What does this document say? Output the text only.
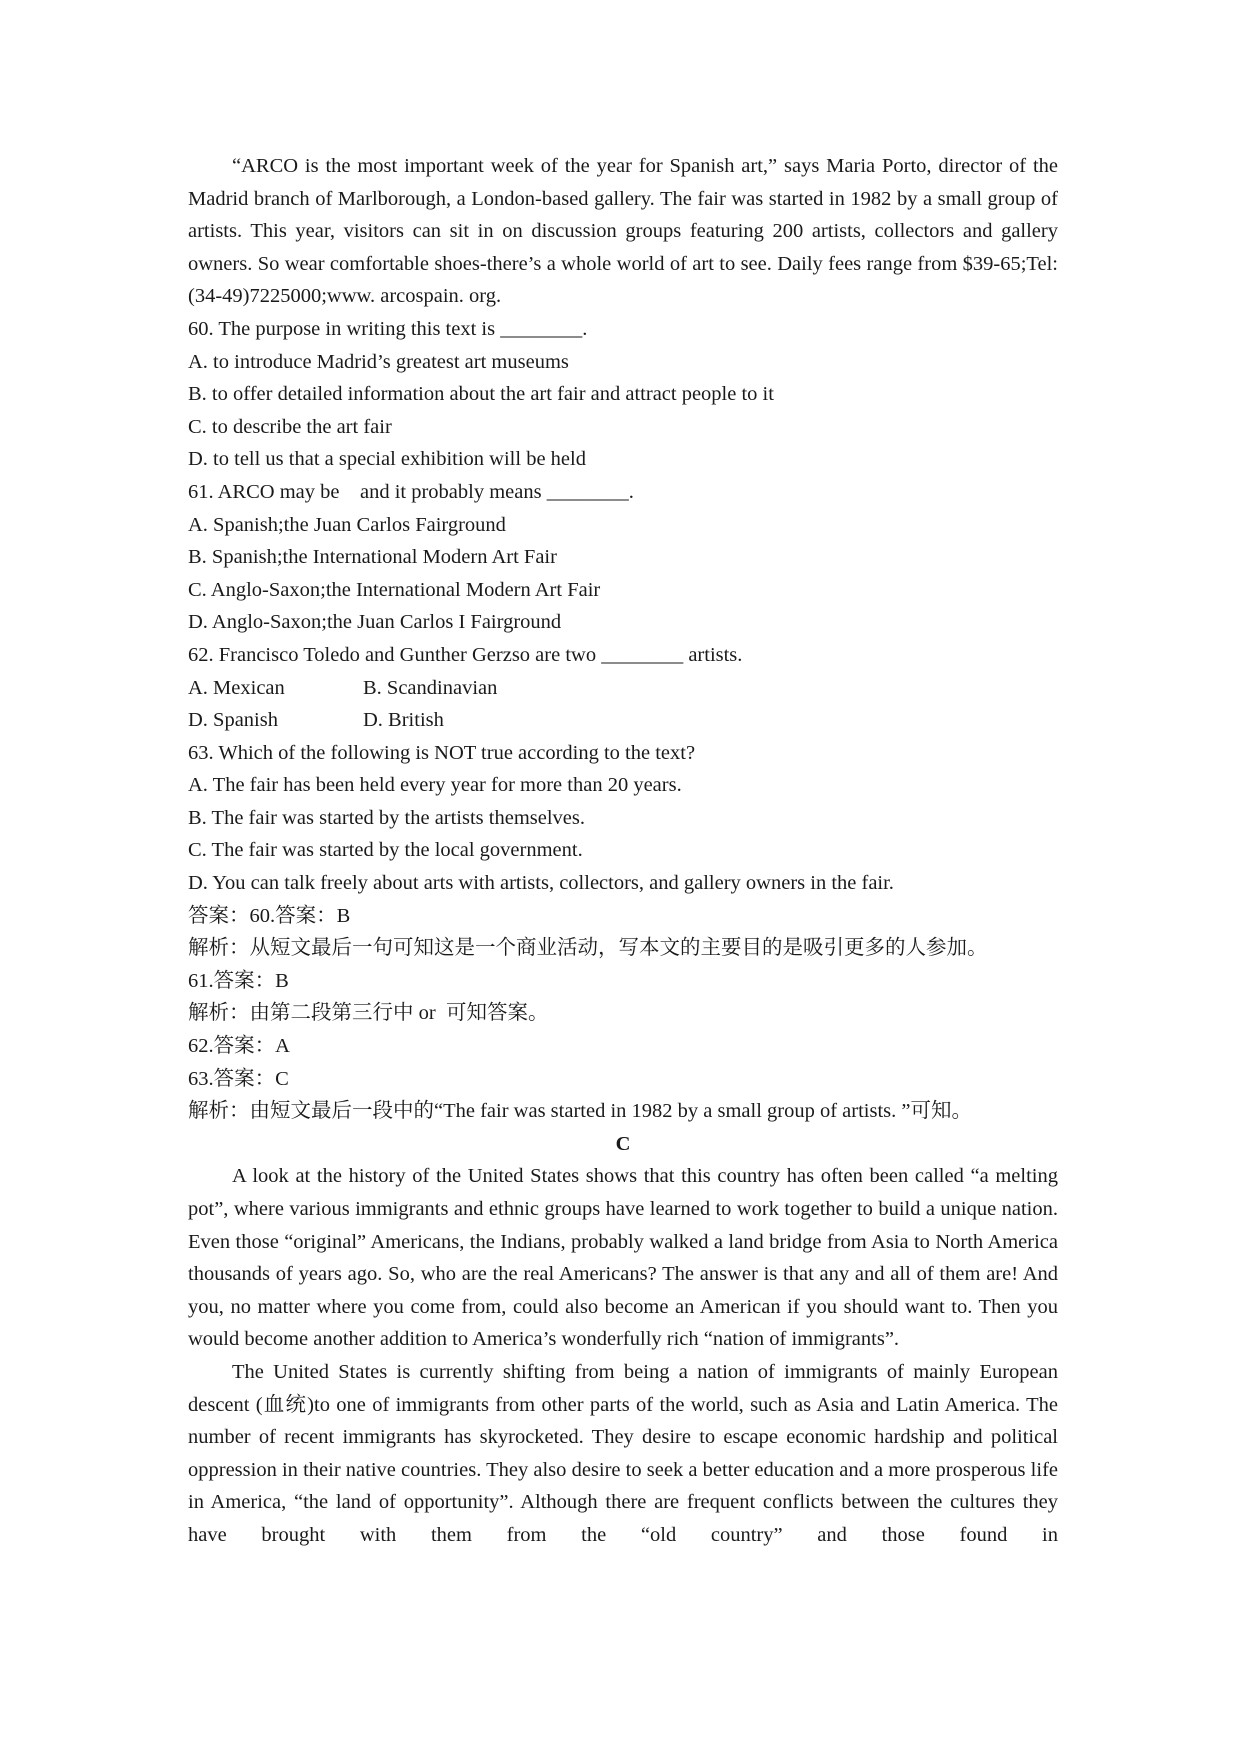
“ARCO is the most important week of the year for Spanish art,” says Maria Porto, director of the Madrid branch of Marlborough, a London-based gallery. The fair was started in 1982 by a small group of artists. This year, visitors can sit in on discussion groups featuring 200 artists, collectors and gallery owners. So wear comfortable shoes-there’s a whole world of art to see. Daily fees range from $39-65;Tel: (34-49)7225000;www. arcospain. org.

60. The purpose in writing this text is ________.

A. to introduce Madrid’s greatest art museums

B. to offer detailed information about the art fair and attract people to it

C. to describe the art fair

D. to tell us that a special exhibition will be held

61. ARCO may be    and it probably means ________.

A. Spanish;the Juan Carlos Fairground

B. Spanish;the International Modern Art Fair

C. Anglo-Saxon;the International Modern Art Fair

D. Anglo-Saxon;the Juan Carlos I Fairground

62. Francisco Toledo and Gunther Gerzso are two ________ artists.

A. Mexican	B. Scandinavian

D. Spanish	D. British

63. Which of the following is NOT true according to the text?

A. The fair has been held every year for more than 20 years.

B. The fair was started by the artists themselves.

C. The fair was started by the local government.

D. You can talk freely about arts with artists, collectors, and gallery owners in the fair.

答案：60.答案：B

解析：从短文最后一句可知这是一个商业活动，写本文的主要目的是吸引更多的人参加。

61.答案：B

解析：由第二段第三行中 or  可知答案。

62.答案：A

63.答案：C

解析：由短文最后一段中的“The fair was started in 1982 by a small group of artists. ”可知。

C

A look at the history of the United States shows that this country has often been called “a melting pot”, where various immigrants and ethnic groups have learned to work together to build a unique nation. Even those “original” Americans, the Indians, probably walked a land bridge from Asia to North America thousands of years ago. So, who are the real Americans? The answer is that any and all of them are! And you, no matter where you come from, could also become an American if you should want to. Then you would become another addition to America’s wonderfully rich “nation of immigrants”.

The United States is currently shifting from being a nation of immigrants of mainly European descent (血统)to one of immigrants from other parts of the world, such as Asia and Latin America. The number of recent immigrants has skyrocketed. They desire to escape economic hardship and political oppression in their native countries. They also desire to seek a better education and a more prosperous life in America, “the land of opportunity”. Although there are frequent conflicts between the cultures they have brought with them from the “old country” and those found in
